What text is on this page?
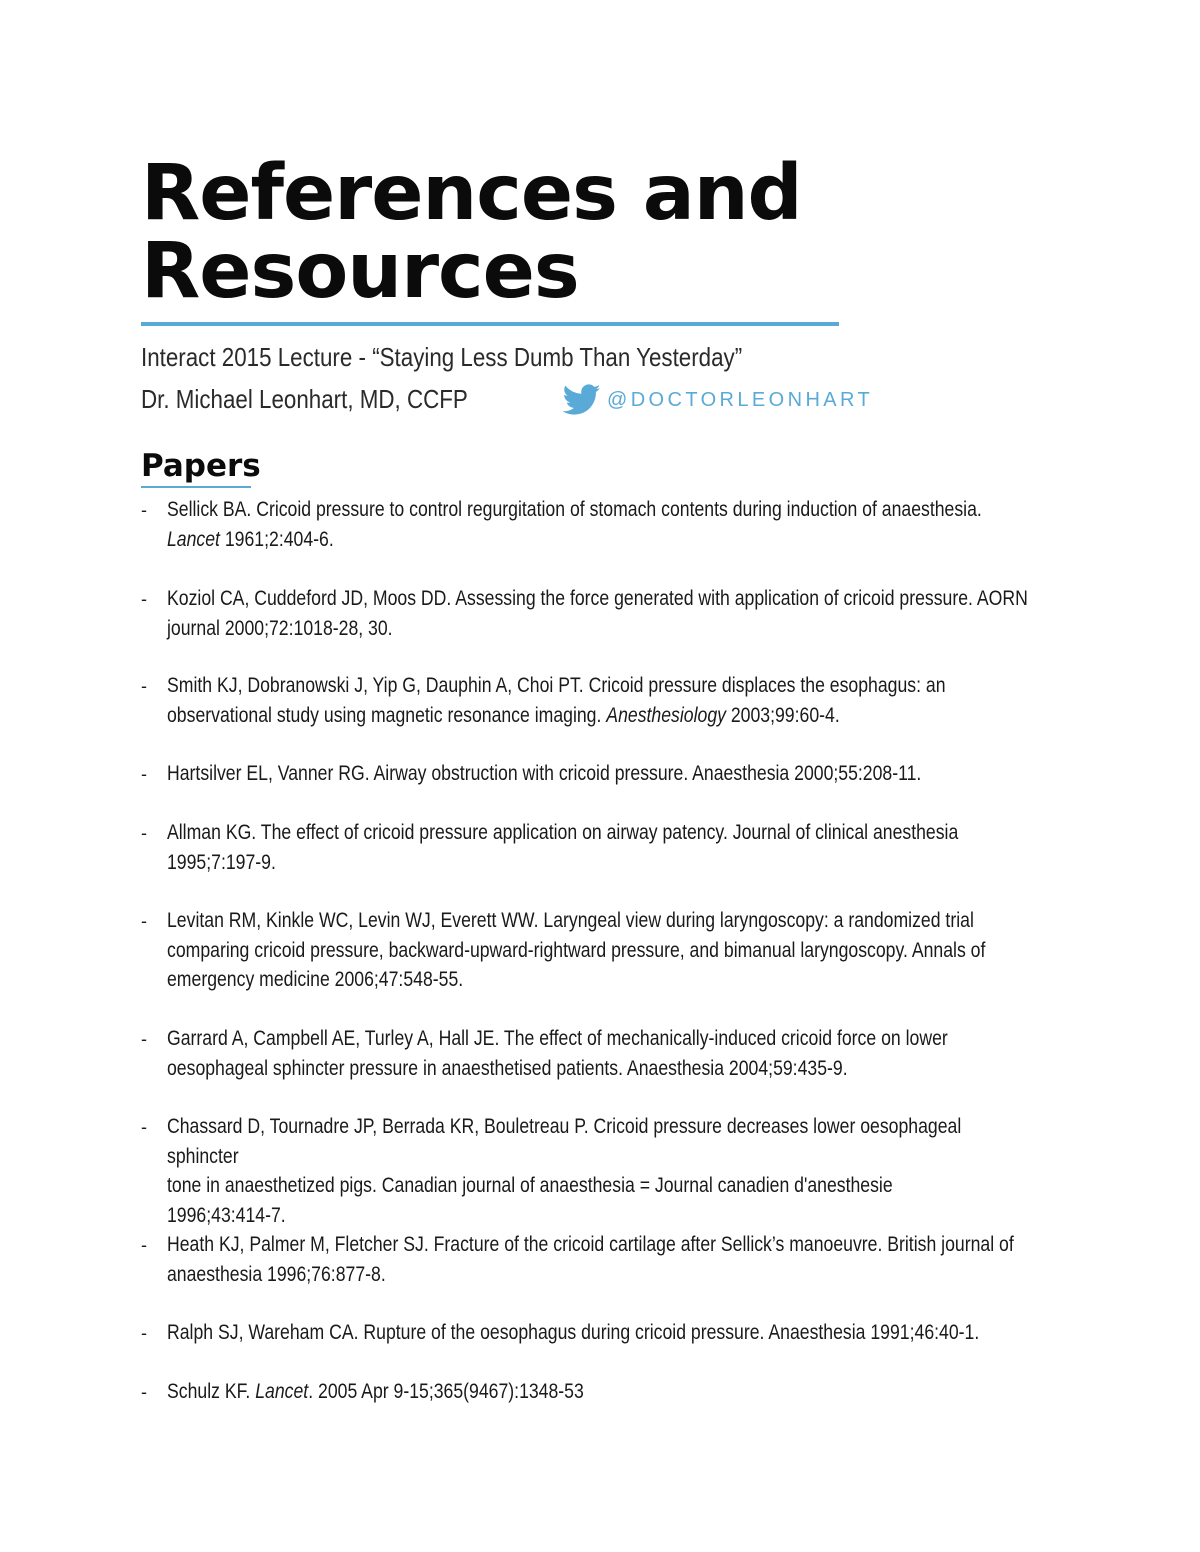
References and
Resources
Interact 2015 Lecture - “Staying Less Dumb Than Yesterday”
Dr. Michael Leonhart, MD, CCFP	@DOCTORLEONHART
Papers
- Sellick BA. Cricoid pressure to control regurgitation of stomach contents during induction of anaesthesia.
Lancet 1961;2:404-6.
- Koziol CA, Cuddeford JD, Moos DD. Assessing the force generated with application of cricoid pressure. AORN
journal 2000;72:1018-28, 30.
- Smith KJ, Dobranowski J, Yip G, Dauphin A, Choi PT. Cricoid pressure displaces the esophagus: an
observational study using magnetic resonance imaging. Anesthesiology 2003;99:60-4.
- Hartsilver EL, Vanner RG. Airway obstruction with cricoid pressure. Anaesthesia 2000;55:208-11.
- Allman KG. The effect of cricoid pressure application on airway patency. Journal of clinical anesthesia
1995;7:197-9.
- Levitan RM, Kinkle WC, Levin WJ, Everett WW. Laryngeal view during laryngoscopy: a randomized trial
comparing cricoid pressure, backward-upward-rightward pressure, and bimanual laryngoscopy. Annals of
emergency medicine 2006;47:548-55.
- Garrard A, Campbell AE, Turley A, Hall JE. The effect of mechanically-induced cricoid force on lower
oesophageal sphincter pressure in anaesthetised patients. Anaesthesia 2004;59:435-9.
- Chassard D, Tournadre JP, Berrada KR, Bouletreau P. Cricoid pressure decreases lower oesophageal sphincter
tone in anaesthetized pigs. Canadian journal of anaesthesia = Journal canadien d'anesthesie
1996;43:414-7.
- Heath KJ, Palmer M, Fletcher SJ. Fracture of the cricoid cartilage after Sellick’s manoeuvre. British journal of
anaesthesia 1996;76:877-8.
- Ralph SJ, Wareham CA. Rupture of the oesophagus during cricoid pressure. Anaesthesia 1991;46:40-1.
- Schulz KF. Lancet. 2005 Apr 9-15;365(9467):1348-53
